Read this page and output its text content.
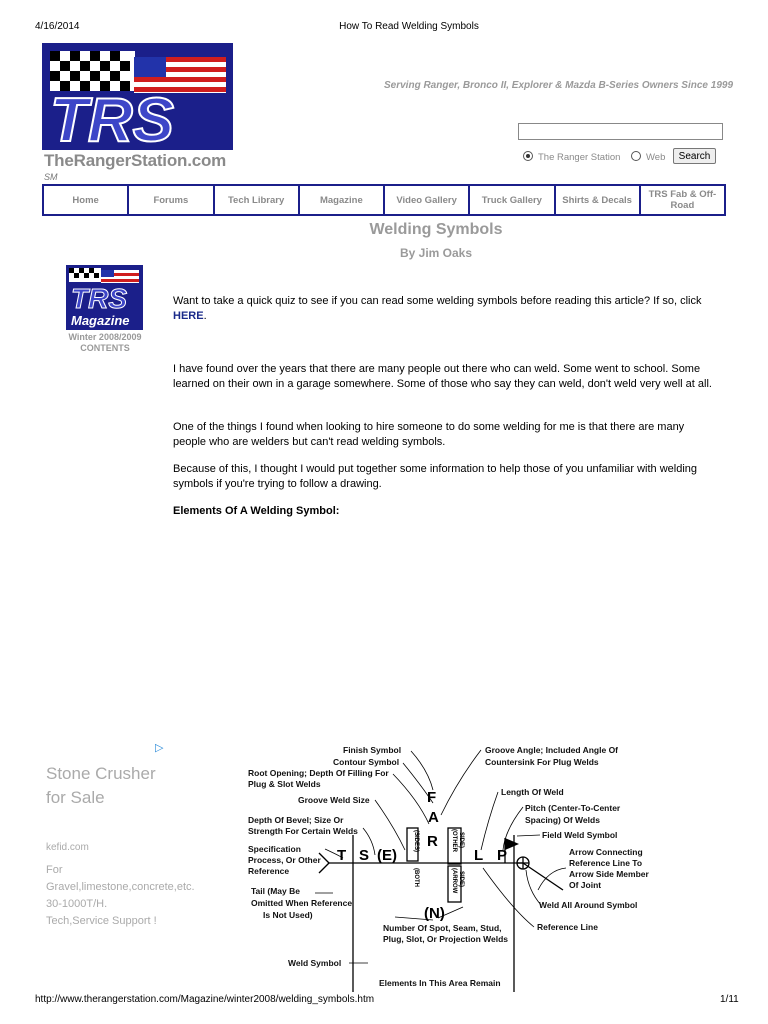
4/16/2014	How To Read Welding Symbols
TRS
TheRangerStation.com
SM
Serving Ranger, Bronco II, Explorer & Mazda B-Series Owners Since 1999
The Ranger Station	Web	Search
Home	Forums	Tech Library	Magazine	Video Gallery	Truck Gallery	Shirts & Decals	TRS Fab & Off-Road
Welding Symbols
By Jim Oaks
TRS
Magazine
Winter 2008/2009
CONTENTS
Want to take a quick quiz to see if you can read some welding symbols before reading this article? If so, click HERE.
I have found over the years that there are many people out there who can weld. Some went to school. Some learned on their own in a garage somewhere. Some of those who say they can weld, don't weld very well at all.
One of the things I found when looking to hire someone to do some welding for me is that there are many people who are welders but can't read welding symbols.
Because of this, I thought I would put together some information to help those of you unfamiliar with welding symbols if you're trying to follow a drawing.
Elements Of A Welding Symbol:
▷
Stone Crusher for Sale
kefid.com
For Gravel,limestone,concrete,etc. 30-1000T/H. Tech,Service Support !
Finish Symbol
Contour Symbol
Root Opening; Depth Of Filling For
Plug & Slot Welds
Groove Weld Size
Depth Of Bevel; Size Or
Strength For Certain Welds
Specification
Process, Or Other
Reference
Tail (May Be
Omitted When Reference
Is Not Used)
Weld Symbol
Groove Angle; Included Angle Of
Countersink For Plug Welds
Length Of Weld
Pitch (Center-To-Center
Spacing) Of Welds
Field Weld Symbol
Arrow Connecting
Reference Line To
Arrow Side Member
Of Joint
Weld All Around Symbol
Reference Line
Number Of Spot, Seam, Stud,
Plug, Slot, Or Projection Welds
Elements In This Area Remain
F
A
R
T S (E)	L P
(N)
(SIDES)
(BOTH
(OTHER SIDE)
(ARROW SIDE)
http://www.therangerstation.com/Magazine/winter2008/welding_symbols.htm	1/11
